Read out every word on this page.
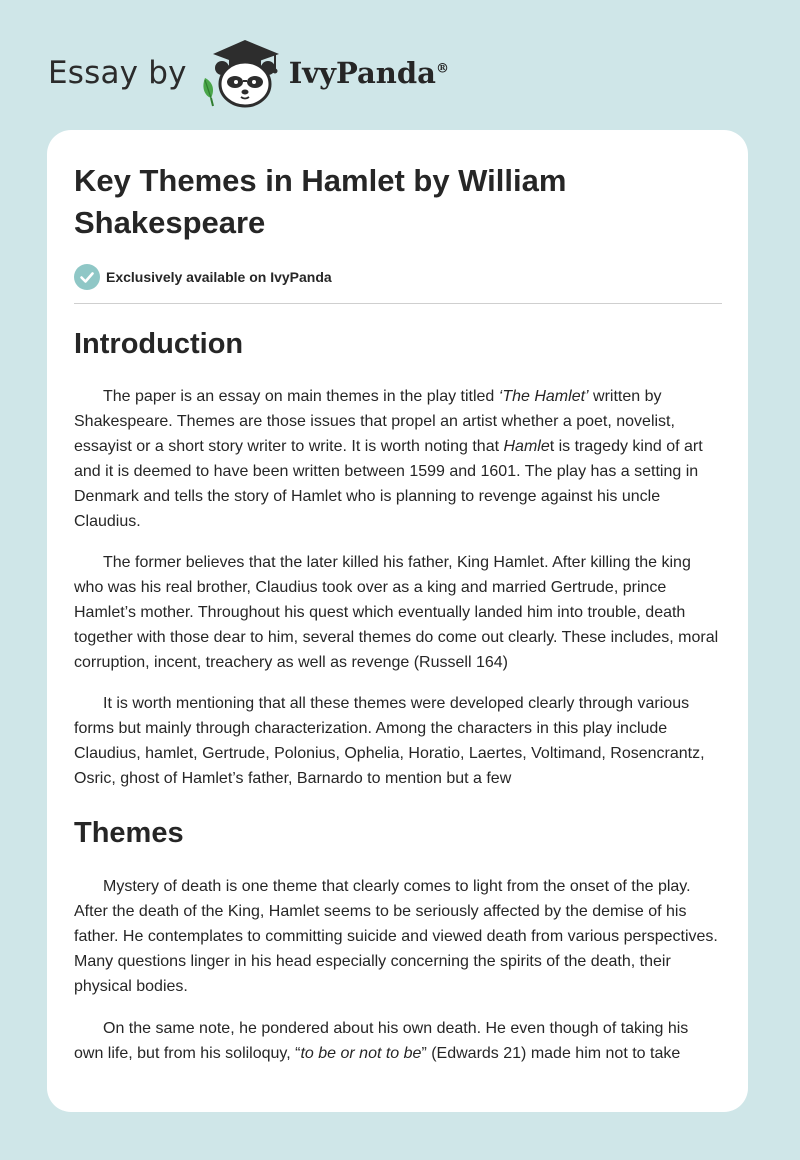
Essay by	IvyPanda®
Key Themes in Hamlet by William Shakespeare
Exclusively available on IvyPanda
Introduction

The paper is an essay on main themes in the play titled ‘The Hamlet’ written by Shakespeare. Themes are those issues that propel an artist whether a poet, novelist, essayist or a short story writer to write. It is worth noting that Hamlet is tragedy kind of art and it is deemed to have been written between 1599 and 1601. The play has a setting in Denmark and tells the story of Hamlet who is planning to revenge against his uncle Claudius.

The former believes that the later killed his father, King Hamlet. After killing the king who was his real brother, Claudius took over as a king and married Gertrude, prince Hamlet’s mother. Throughout his quest which eventually landed him into trouble, death together with those dear to him, several themes do come out clearly. These includes, moral corruption, incent, treachery as well as revenge (Russell 164)

It is worth mentioning that all these themes were developed clearly through various forms but mainly through characterization. Among the characters in this play include Claudius, hamlet, Gertrude, Polonius, Ophelia, Horatio, Laertes, Voltimand, Rosencrantz, Osric, ghost of Hamlet’s father, Barnardo to mention but a few

Themes

Mystery of death is one theme that clearly comes to light from the onset of the play. After the death of the King, Hamlet seems to be seriously affected by the demise of his father. He contemplates to committing suicide and viewed death from various perspectives. Many questions linger in his head especially concerning the spirits of the death, their physical bodies.

On the same note, he pondered about his own death. He even though of taking his own life, but from his soliloquy, “to be or not to be” (Edwards 21) made him not to take
